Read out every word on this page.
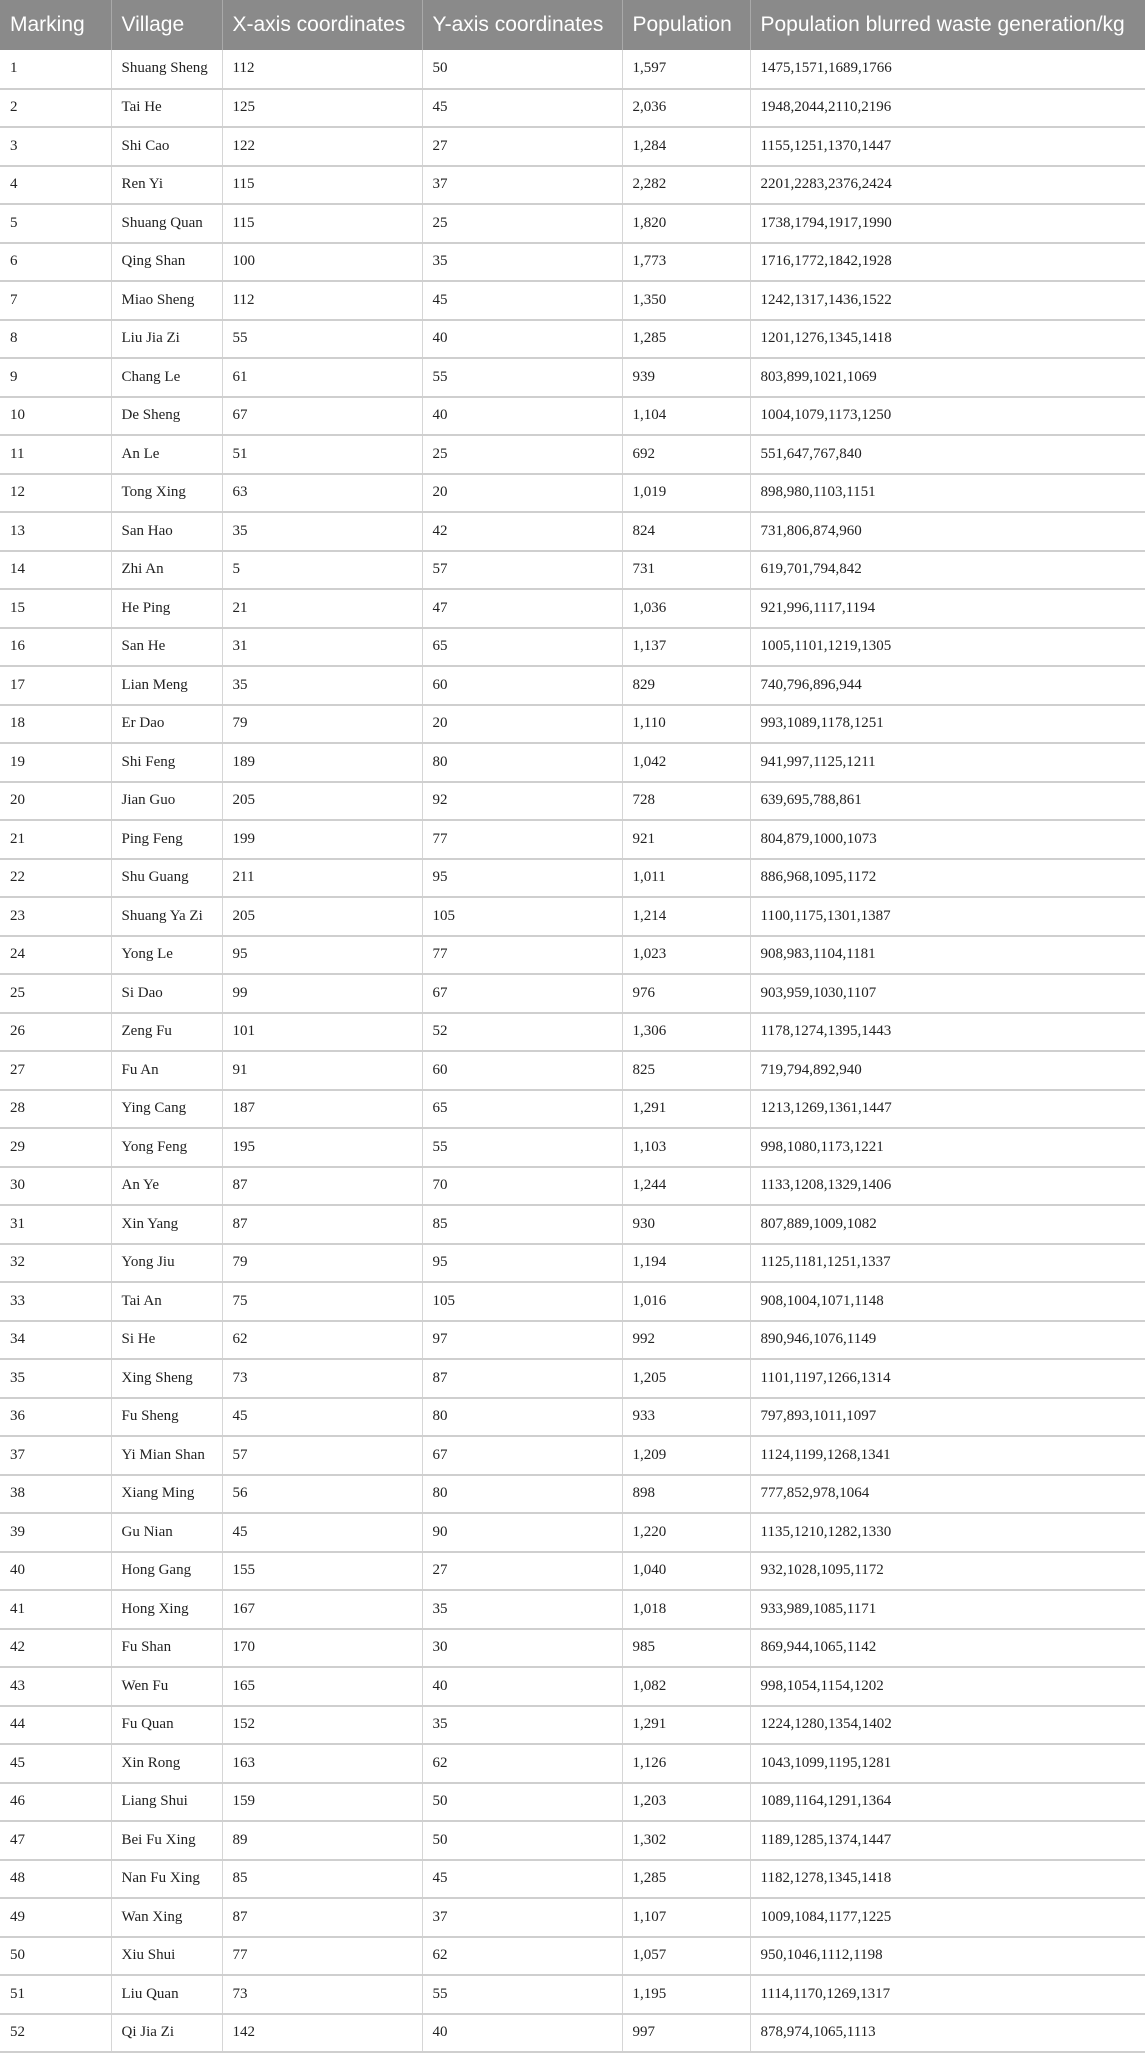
Marking	Village	X-axis coordinates	Y-axis coordinates	Population	Population blurred waste generation/kg
1	Shuang Sheng	112	50	1,597	1475,1571,1689,1766
2	Tai He	125	45	2,036	1948,2044,2110,2196
3	Shi Cao	122	27	1,284	1155,1251,1370,1447
4	Ren Yi	115	37	2,282	2201,2283,2376,2424
5	Shuang Quan	115	25	1,820	1738,1794,1917,1990
6	Qing Shan	100	35	1,773	1716,1772,1842,1928
7	Miao Sheng	112	45	1,350	1242,1317,1436,1522
8	Liu Jia Zi	55	40	1,285	1201,1276,1345,1418
9	Chang Le	61	55	939	803,899,1021,1069
10	De Sheng	67	40	1,104	1004,1079,1173,1250
11	An Le	51	25	692	551,647,767,840
12	Tong Xing	63	20	1,019	898,980,1103,1151
13	San Hao	35	42	824	731,806,874,960
14	Zhi An	5	57	731	619,701,794,842
15	He Ping	21	47	1,036	921,996,1117,1194
16	San He	31	65	1,137	1005,1101,1219,1305
17	Lian Meng	35	60	829	740,796,896,944
18	Er Dao	79	20	1,110	993,1089,1178,1251
19	Shi Feng	189	80	1,042	941,997,1125,1211
20	Jian Guo	205	92	728	639,695,788,861
21	Ping Feng	199	77	921	804,879,1000,1073
22	Shu Guang	211	95	1,011	886,968,1095,1172
23	Shuang Ya Zi	205	105	1,214	1100,1175,1301,1387
24	Yong Le	95	77	1,023	908,983,1104,1181
25	Si Dao	99	67	976	903,959,1030,1107
26	Zeng Fu	101	52	1,306	1178,1274,1395,1443
27	Fu An	91	60	825	719,794,892,940
28	Ying Cang	187	65	1,291	1213,1269,1361,1447
29	Yong Feng	195	55	1,103	998,1080,1173,1221
30	An Ye	87	70	1,244	1133,1208,1329,1406
31	Xin Yang	87	85	930	807,889,1009,1082
32	Yong Jiu	79	95	1,194	1125,1181,1251,1337
33	Tai An	75	105	1,016	908,1004,1071,1148
34	Si He	62	97	992	890,946,1076,1149
35	Xing Sheng	73	87	1,205	1101,1197,1266,1314
36	Fu Sheng	45	80	933	797,893,1011,1097
37	Yi Mian Shan	57	67	1,209	1124,1199,1268,1341
38	Xiang Ming	56	80	898	777,852,978,1064
39	Gu Nian	45	90	1,220	1135,1210,1282,1330
40	Hong Gang	155	27	1,040	932,1028,1095,1172
41	Hong Xing	167	35	1,018	933,989,1085,1171
42	Fu Shan	170	30	985	869,944,1065,1142
43	Wen Fu	165	40	1,082	998,1054,1154,1202
44	Fu Quan	152	35	1,291	1224,1280,1354,1402
45	Xin Rong	163	62	1,126	1043,1099,1195,1281
46	Liang Shui	159	50	1,203	1089,1164,1291,1364
47	Bei Fu Xing	89	50	1,302	1189,1285,1374,1447
48	Nan Fu Xing	85	45	1,285	1182,1278,1345,1418
49	Wan Xing	87	37	1,107	1009,1084,1177,1225
50	Xiu Shui	77	62	1,057	950,1046,1112,1198
51	Liu Quan	73	55	1,195	1114,1170,1269,1317
52	Qi Jia Zi	142	40	997	878,974,1065,1113
